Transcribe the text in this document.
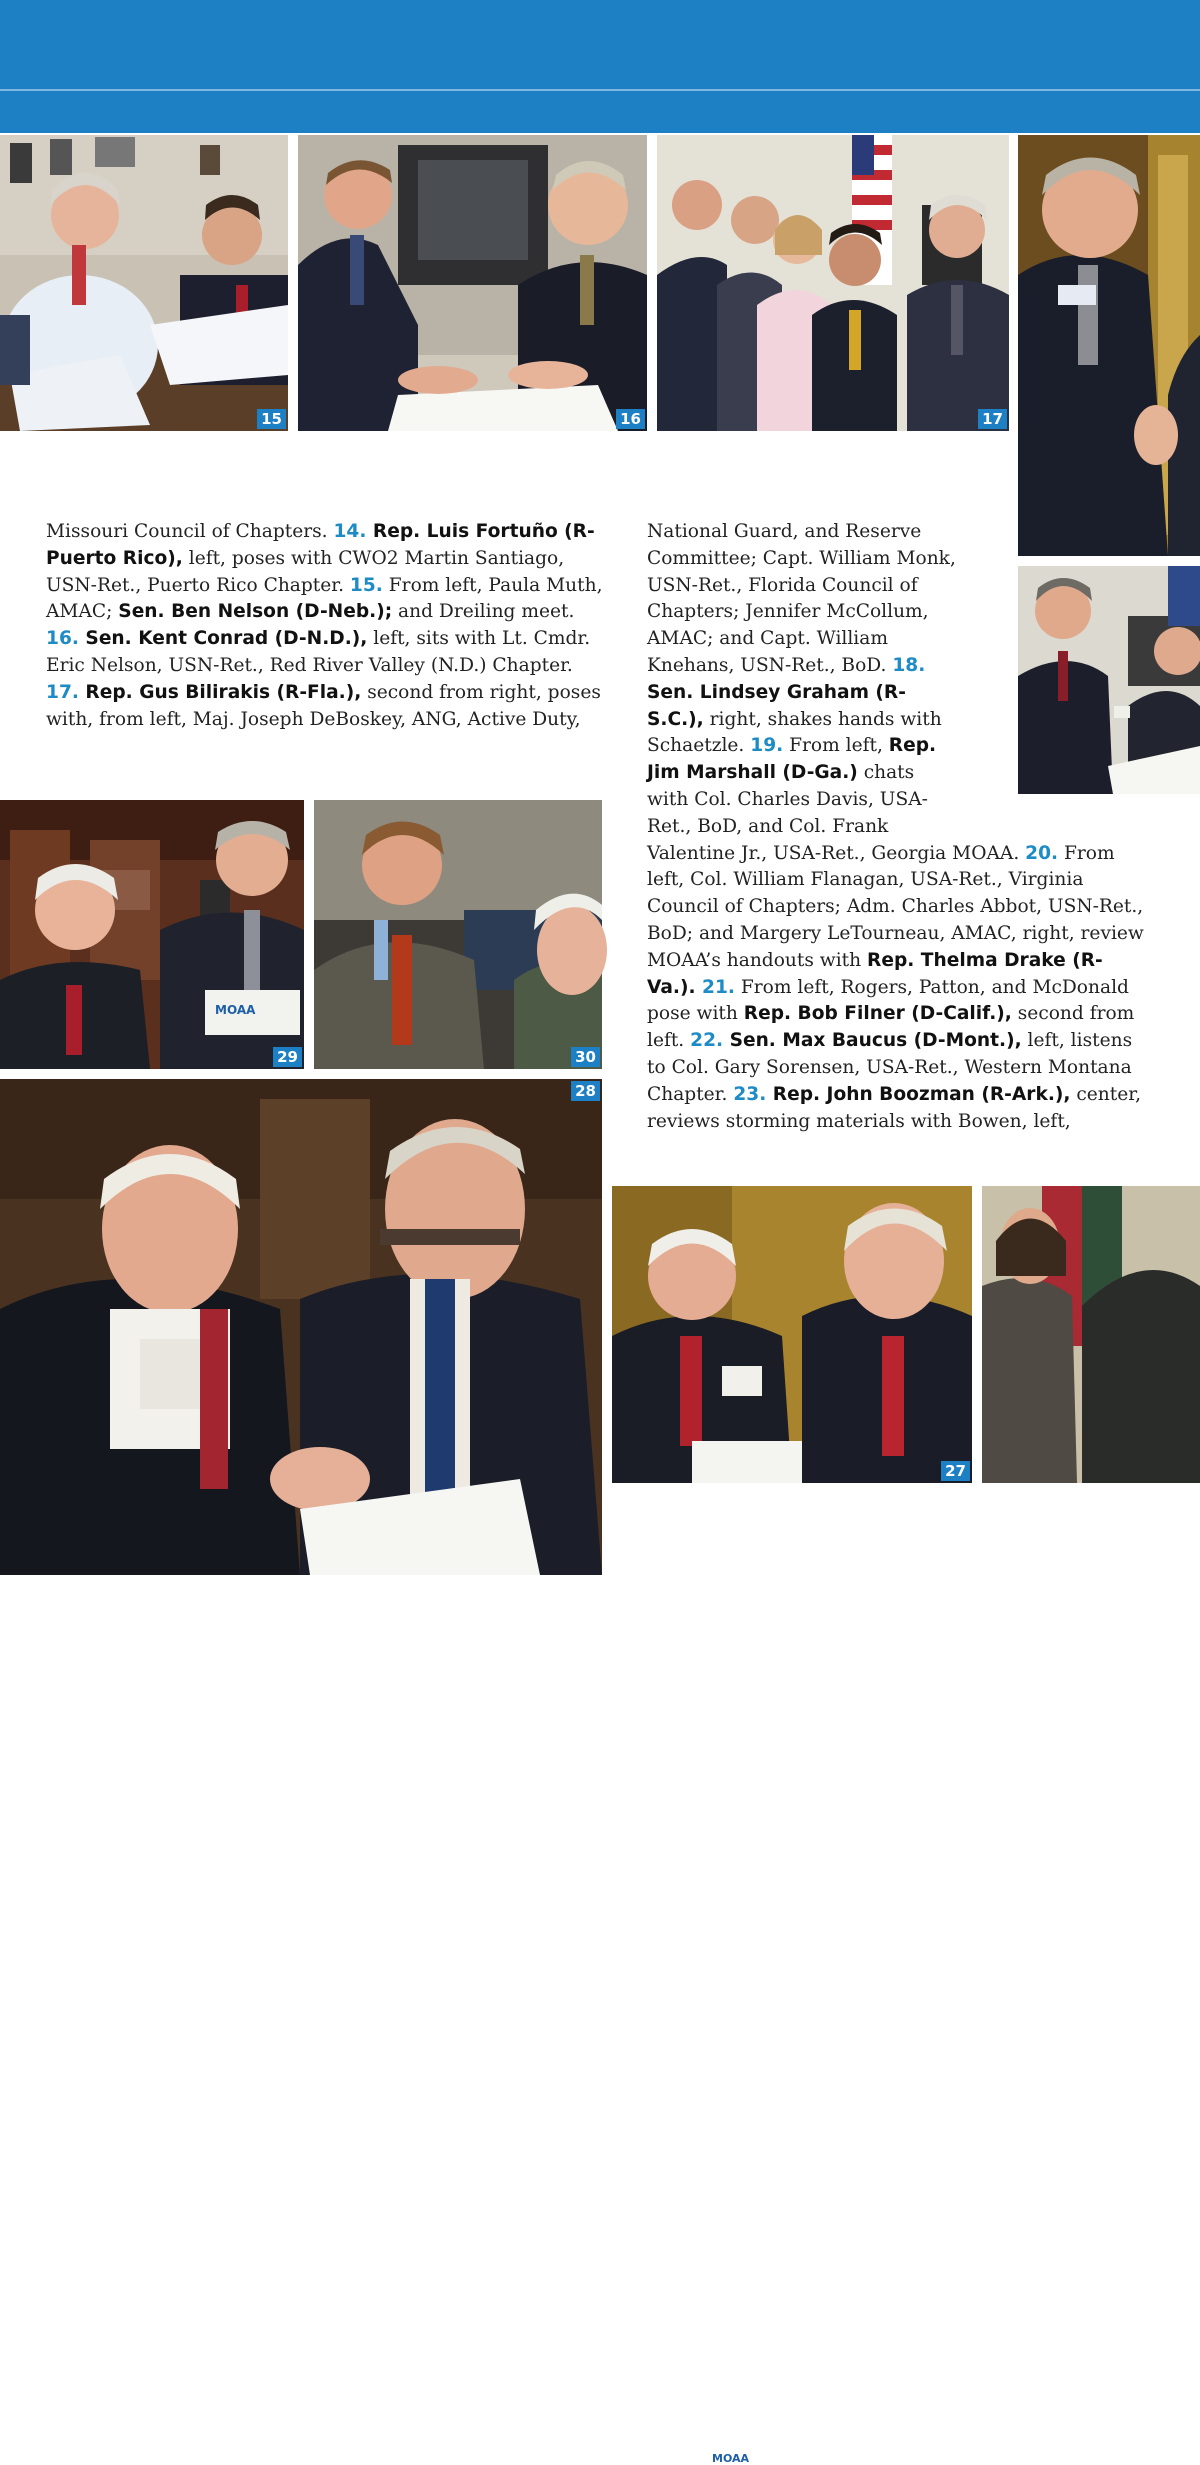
15	16	17
MOAA
29	30
28
MOAA
27

Missouri Council of Chapters. 14. Rep. Luis Fortuño (R-Puerto Rico), left, poses with CWO2 Martin Santiago, USN-Ret., Puerto Rico Chapter. 15. From left, Paula Muth, AMAC; Sen. Ben Nelson (D-Neb.); and Dreiling meet. 16. Sen. Kent Conrad (D-N.D.), left, sits with Lt. Cmdr. Eric Nelson, USN-Ret., Red River Valley (N.D.) Chapter. 17. Rep. Gus Bilirakis (R-Fla.), second from right, poses with, from left, Maj. Joseph DeBoskey, ANG, Active Duty,

National Guard, and Reserve Committee; Capt. William Monk, USN-Ret., Florida Council of Chapters; Jennifer McCollum, AMAC; and Capt. William Knehans, USN-Ret., BoD. 18. Sen. Lindsey Graham (R-S.C.), right, shakes hands with Schaetzle. 19. From left, Rep. Jim Marshall (D-Ga.) chats with Col. Charles Davis, USA-Ret., BoD, and Col. Frank Valentine Jr., USA-Ret., Georgia MOAA. 20. From left, Col. William Flanagan, USA-Ret., Virginia Council of Chapters; Adm. Charles Abbot, USN-Ret., BoD; and Margery LeTourneau, AMAC, right, review MOAA’s handouts with Rep. Thelma Drake (R-Va.). 21. From left, Rogers, Patton, and McDonald pose with Rep. Bob Filner (D-Calif.), second from left. 22. Sen. Max Baucus (D-Mont.), left, listens to Col. Gary Sorensen, USA-Ret., Western Montana Chapter. 23. Rep. John Boozman (R-Ark.), center, reviews storming materials with Bowen, left,
